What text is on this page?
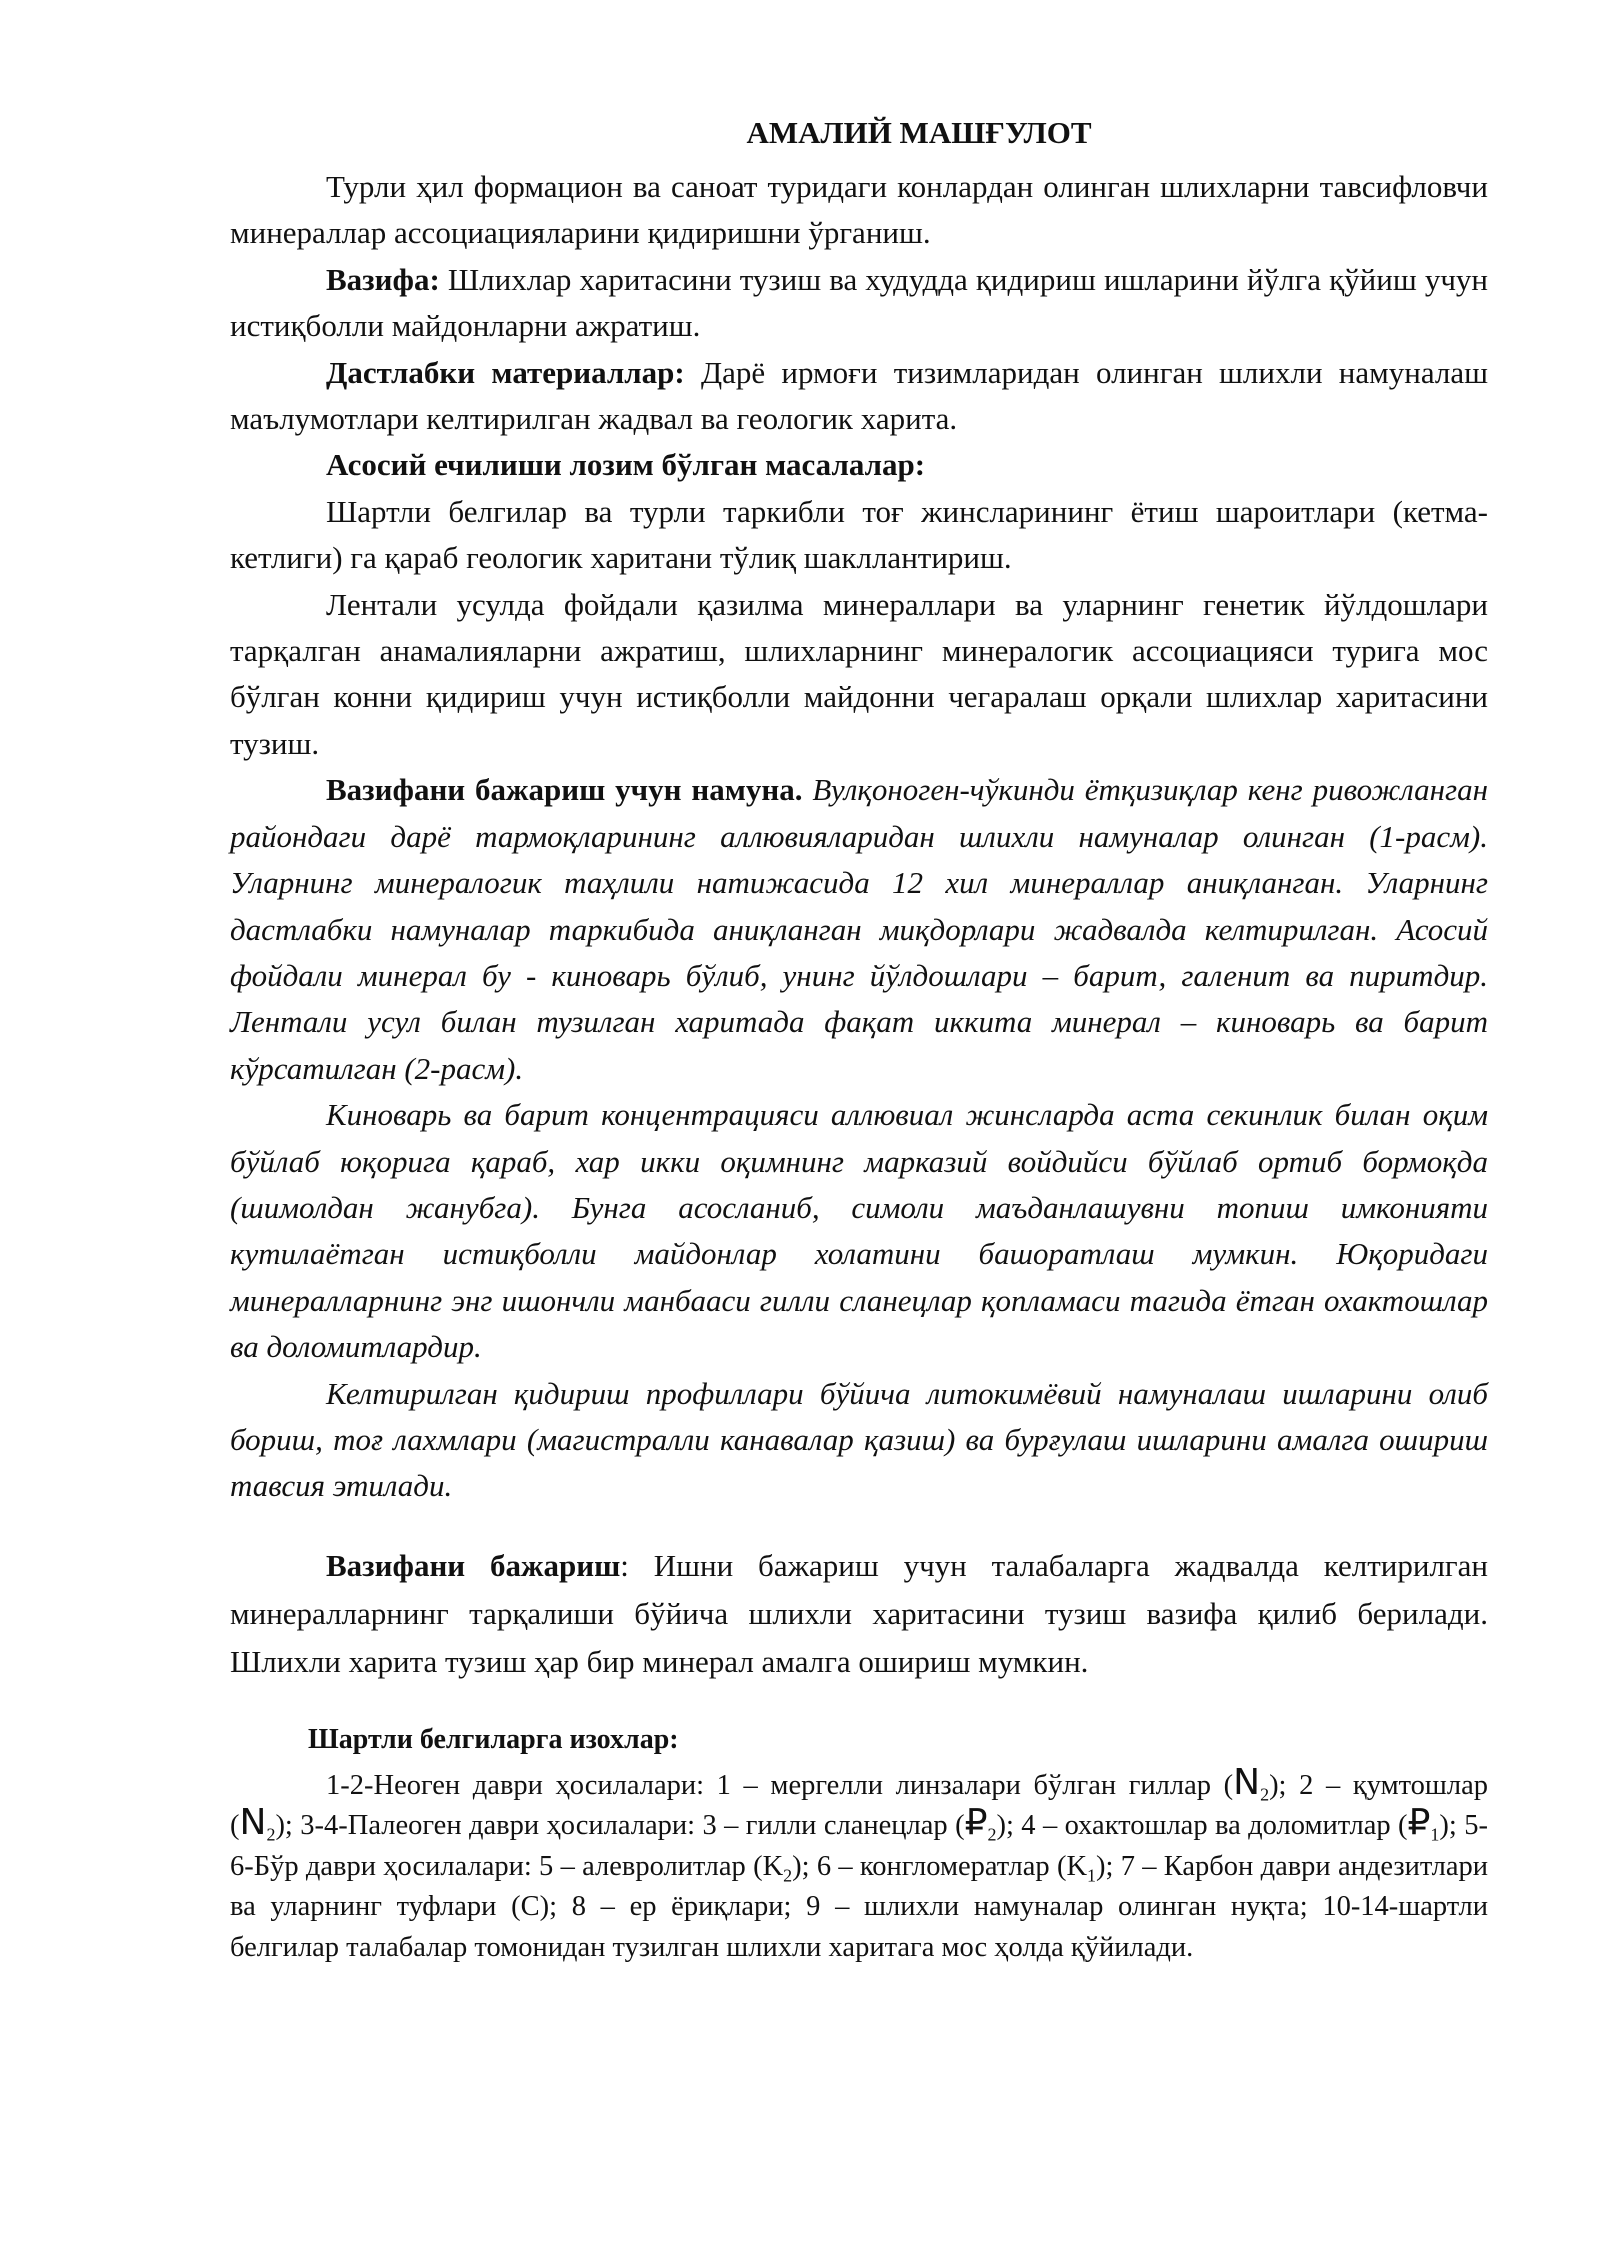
АМАЛИЙ МАШҒУЛОТ

Турли ҳил формацион ва саноат туридаги конлардан олинган шлихларни тавсифловчи минераллар ассоциацияларини қидиришни ўрганиш.

Вазифа: Шлихлар харитасини тузиш ва худудда қидириш ишларини йўлга қўйиш учун истиқболли майдонларни ажратиш.

Дастлабки материаллар: Дарё ирмоғи тизимларидан олинган шлихли намуналаш маълумотлари келтирилган жадвал ва геологик харита.

Асосий ечилиши лозим бўлган масалалар:

Шартли белгилар ва турли таркибли тоғ жинсларининг ётиш шароитлари (кетма-кетлиги) га қараб геологик харитани тўлиқ шакллантириш.

Лентали усулда фойдали қазилма минераллари ва уларнинг генетик йўлдошлари тарқалган анамалияларни ажратиш, шлихларнинг минералогик ассоциацияси турига мос бўлган конни қидириш учун истиқболли майдонни чегаралаш орқали шлихлар харитасини тузиш.

Вазифани бажариш учун намуна. Вулқоноген-чўкинди ётқизиқлар кенг ривожланган райондаги дарё тармоқларининг аллювияларидан шлихли намуналар олинган (1-расм). Уларнинг минералогик таҳлили натижасида 12 хил минераллар аниқланган. Уларнинг дастлабки намуналар таркибида аниқланган миқдорлари жадвалда келтирилган. Асосий фойдали минерал бу - киноварь бўлиб, унинг йўлдошлари – барит, галенит ва пиритдир. Лентали усул билан тузилган харитада фақат иккита минерал – киноварь ва барит кўрсатилган (2-расм).

Киноварь ва барит концентрацияси аллювиал жинсларда аста секинлик билан оқим бўйлаб юқорига қараб, хар икки оқимнинг марказий войдийси бўйлаб ортиб бормоқда (шимолдан жанубга). Бунга асосланиб, симоли маъданлашувни топиш имконияти кутилаётган истиқболли майдонлар холатини башоратлаш мумкин. Юқоридаги минералларнинг энг ишончли манбааси гилли сланецлар қопламаси тагида ётган охактошлар ва доломитлардир.

Келтирилган қидириш профиллари бўйича литокимёвий намуналаш ишларини олиб бориш, тоғ лахмлари (магистралли канавалар қазиш) ва бурғулаш ишларини амалга ошириш тавсия этилади.

Вазифани бажариш: Ишни бажариш учун талабаларга жадвалда келтирилган минералларнинг тарқалиши бўйича шлихли харитасини тузиш вазифа қилиб берилади. Шлихли харита тузиш ҳар бир минерал амалга ошириш мумкин.

Шартли белгиларга изохлар:

1-2-Неоген даври ҳосилалари: 1 – мергелли линзалари бўлган гиллар $(N_2)$; 2 – қумтошлар $(N_2)$; 3-4-Палеоген даври ҳосилалари: 3 – гилли сланецлар $(₽_2)$; 4 – охактошлар ва доломитлар $(₽_1)$; 5-6-Бўр даври ҳосилалари: 5 – алевролитлар $(K_2)$; 6 – конгломератлар $(K_1)$; 7 – Карбон даври андезитлари ва уларнинг туфлари (C); 8 – ер ёриқлари; 9 – шлихли намуналар олинган нуқта; 10-14-шартли белгилар талабалар томонидан тузилган шлихли харитага мос ҳолда қўйилади.
